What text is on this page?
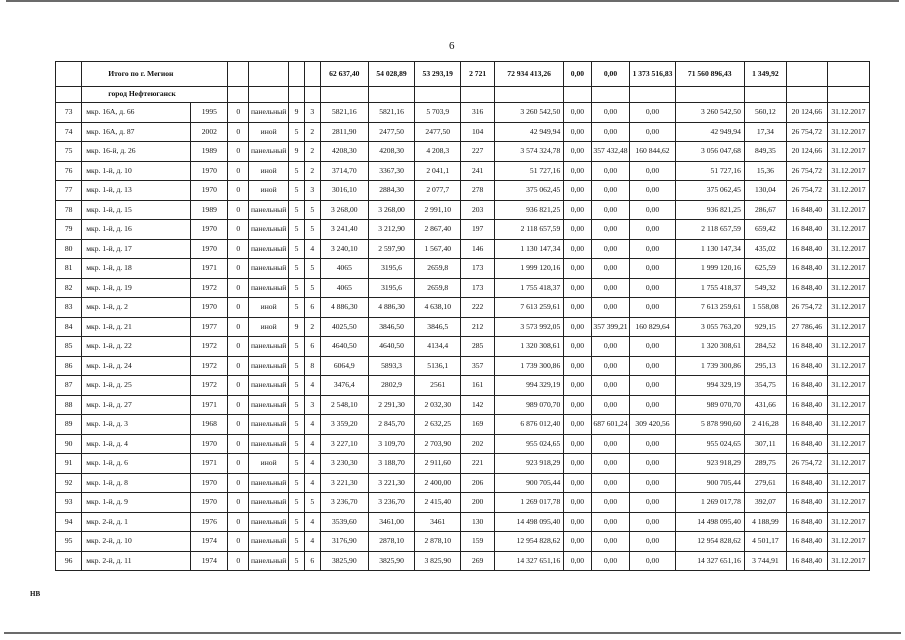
6
	Итого по г. Мегион						62 637,40	54 028,89	53 293,19	2 721	72 934 413,26	0,00	0,00	1 373 516,83	71 560 896,43	1 349,92		
	город Нефтеюганск																	
73	мкр. 16А, д. 66	1995	0	панельный	9	3	5821,16	5821,16	5 703,9	316	3 260 542,50	0,00	0,00	0,00	3 260 542,50	560,12	20 124,66	31.12.2017
74	мкр. 16А, д. 87	2002	0	иной	5	2	2811,90	2477,50	2477,50	104	42 949,94	0,00	0,00	0,00	42 949,94	17,34	26 754,72	31.12.2017
75	мкр. 16-й, д. 26	1989	0	панельный	9	2	4208,30	4208,30	4 208,3	227	3 574 324,78	0,00	357 432,48	160 844,62	3 056 047,68	849,35	20 124,66	31.12.2017
76	мкр. 1-й, д. 10	1970	0	иной	5	2	3714,70	3367,30	2 041,1	241	51 727,16	0,00	0,00	0,00	51 727,16	15,36	26 754,72	31.12.2017
77	мкр. 1-й, д. 13	1970	0	иной	5	3	3016,10	2884,30	2 077,7	278	375 062,45	0,00	0,00	0,00	375 062,45	130,04	26 754,72	31.12.2017
78	мкр. 1-й, д. 15	1989	0	панельный	5	5	3 268,00	3 268,00	2 991,10	203	936 821,25	0,00	0,00	0,00	936 821,25	286,67	16 848,40	31.12.2017
79	мкр. 1-й, д. 16	1970	0	панельный	5	5	3 241,40	3 212,90	2 867,40	197	2 118 657,59	0,00	0,00	0,00	2 118 657,59	659,42	16 848,40	31.12.2017
80	мкр. 1-й, д. 17	1970	0	панельный	5	4	3 240,10	2 597,90	1 567,40	146	1 130 147,34	0,00	0,00	0,00	1 130 147,34	435,02	16 848,40	31.12.2017
81	мкр. 1-й, д. 18	1971	0	панельный	5	5	4065	3195,6	2659,8	173	1 999 120,16	0,00	0,00	0,00	1 999 120,16	625,59	16 848,40	31.12.2017
82	мкр. 1-й, д. 19	1972	0	панельный	5	5	4065	3195,6	2659,8	173	1 755 418,37	0,00	0,00	0,00	1 755 418,37	549,32	16 848,40	31.12.2017
83	мкр. 1-й, д. 2	1970	0	иной	5	6	4 886,30	4 886,30	4 638,10	222	7 613 259,61	0,00	0,00	0,00	7 613 259,61	1 558,08	26 754,72	31.12.2017
84	мкр. 1-й, д. 21	1977	0	иной	9	2	4025,50	3846,50	3846,5	212	3 573 992,05	0,00	357 399,21	160 829,64	3 055 763,20	929,15	27 786,46	31.12.2017
85	мкр. 1-й, д. 22	1972	0	панельный	5	6	4640,50	4640,50	4134,4	285	1 320 308,61	0,00	0,00	0,00	1 320 308,61	284,52	16 848,40	31.12.2017
86	мкр. 1-й, д. 24	1972	0	панельный	5	8	6064,9	5893,3	5136,1	357	1 739 300,86	0,00	0,00	0,00	1 739 300,86	295,13	16 848,40	31.12.2017
87	мкр. 1-й, д. 25	1972	0	панельный	5	4	3476,4	2802,9	2561	161	994 329,19	0,00	0,00	0,00	994 329,19	354,75	16 848,40	31.12.2017
88	мкр. 1-й, д. 27	1971	0	панельный	5	3	2 548,10	2 291,30	2 032,30	142	989 070,70	0,00	0,00	0,00	989 070,70	431,66	16 848,40	31.12.2017
89	мкр. 1-й, д. 3	1968	0	панельный	5	4	3 359,20	2 845,70	2 632,25	169	6 876 012,40	0,00	687 601,24	309 420,56	5 878 990,60	2 416,28	16 848,40	31.12.2017
90	мкр. 1-й, д. 4	1970	0	панельный	5	4	3 227,10	3 109,70	2 703,90	202	955 024,65	0,00	0,00	0,00	955 024,65	307,11	16 848,40	31.12.2017
91	мкр. 1-й, д. 6	1971	0	иной	5	4	3 230,30	3 188,70	2 911,60	221	923 918,29	0,00	0,00	0,00	923 918,29	289,75	26 754,72	31.12.2017
92	мкр. 1-й, д. 8	1970	0	панельный	5	4	3 221,30	3 221,30	2 400,00	206	900 705,44	0,00	0,00	0,00	900 705,44	279,61	16 848,40	31.12.2017
93	мкр. 1-й, д. 9	1970	0	панельный	5	5	3 236,70	3 236,70	2 415,40	200	1 269 017,78	0,00	0,00	0,00	1 269 017,78	392,07	16 848,40	31.12.2017
94	мкр. 2-й, д. 1	1976	0	панельный	5	4	3539,60	3461,00	3461	130	14 498 095,40	0,00	0,00	0,00	14 498 095,40	4 188,99	16 848,40	31.12.2017
95	мкр. 2-й, д. 10	1974	0	панельный	5	4	3176,90	2878,10	2 878,10	159	12 954 828,62	0,00	0,00	0,00	12 954 828,62	4 501,17	16 848,40	31.12.2017
96	мкр. 2-й, д. 11	1974	0	панельный	5	6	3825,90	3825,90	3 825,90	269	14 327 651,16	0,00	0,00	0,00	14 327 651,16	3 744,91	16 848,40	31.12.2017
НВ
